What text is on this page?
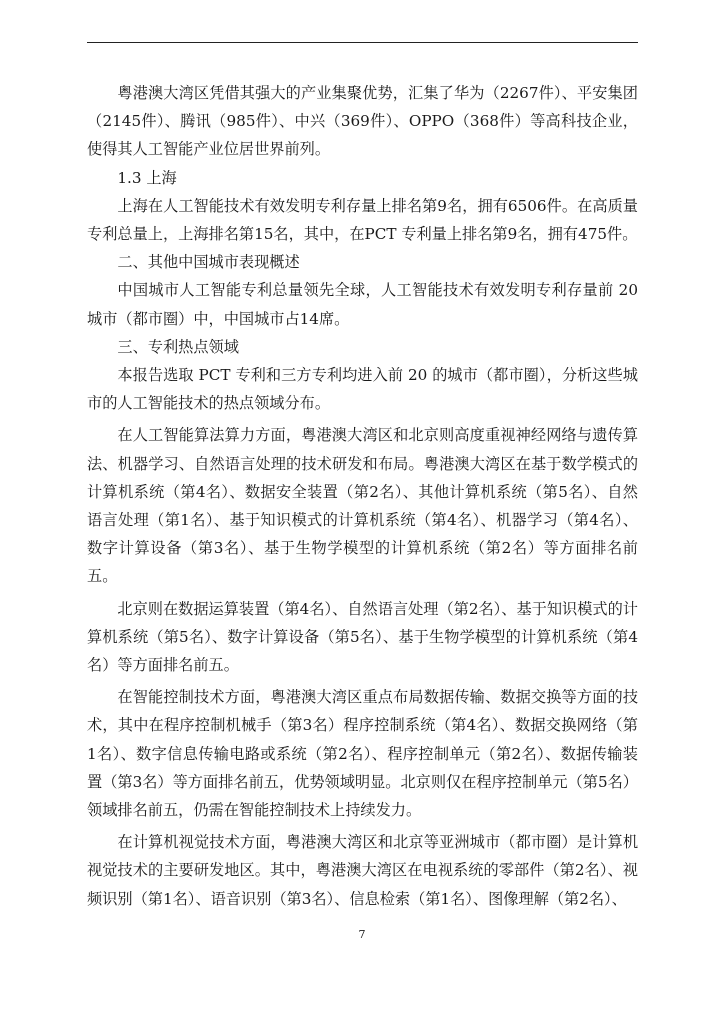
粤港澳大湾区凭借其强大的产业集聚优势，汇集了华为（2267件）、平安集团（2145件）、腾讯（985件）、中兴（369件）、OPPO（368件）等高科技企业，使得其人工智能产业位居世界前列。

1.3 上海

上海在人工智能技术有效发明专利存量上排名第9名，拥有6506件。在高质量专利总量上，上海排名第15名，其中，在PCT 专利量上排名第9名，拥有475件。

二、其他中国城市表现概述

中国城市人工智能专利总量领先全球，人工智能技术有效发明专利存量前 20 城市（都市圈）中，中国城市占14席。

三、专利热点领域

本报告选取 PCT 专利和三方专利均进入前 20 的城市（都市圈），分析这些城市的人工智能技术的热点领域分布。

在人工智能算法算力方面，粤港澳大湾区和北京则高度重视神经网络与遗传算法、机器学习、自然语言处理的技术研发和布局。粤港澳大湾区在基于数学模式的计算机系统（第4名）、数据安全装置（第2名）、其他计算机系统（第5名）、自然语言处理（第1名）、基于知识模式的计算机系统（第4名）、机器学习（第4名）、数字计算设备（第3名）、基于生物学模型的计算机系统（第2名）等方面排名前五。

北京则在数据运算装置（第4名）、自然语言处理（第2名）、基于知识模式的计算机系统（第5名）、数字计算设备（第5名）、基于生物学模型的计算机系统（第4名）等方面排名前五。

在智能控制技术方面，粤港澳大湾区重点布局数据传输、数据交换等方面的技术，其中在程序控制机械手（第3名）程序控制系统（第4名）、数据交换网络（第1名）、数字信息传输电路或系统（第2名）、程序控制单元（第2名）、数据传输装置（第3名）等方面排名前五，优势领域明显。北京则仅在程序控制单元（第5名）领域排名前五，仍需在智能控制技术上持续发力。

在计算机视觉技术方面，粤港澳大湾区和北京等亚洲城市（都市圈）是计算机视觉技术的主要研发地区。其中，粤港澳大湾区在电视系统的零部件（第2名）、视频识别（第1名）、语音识别（第3名）、信息检索（第1名）、图像理解（第2名）、

7
